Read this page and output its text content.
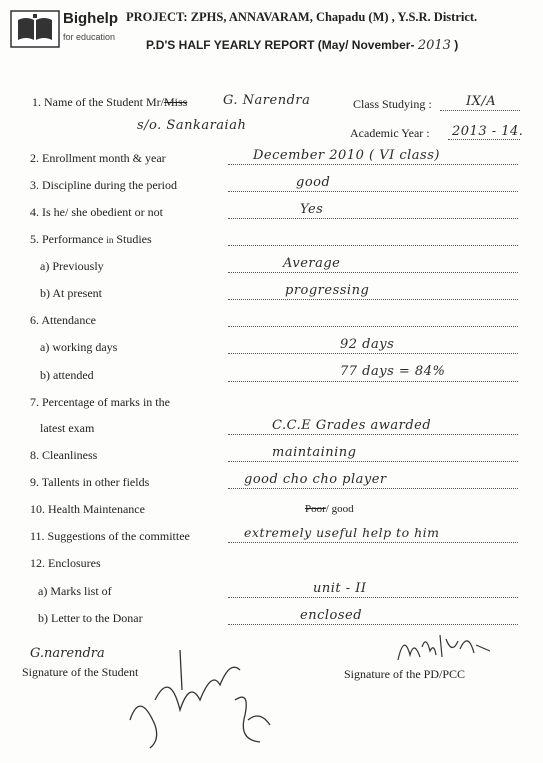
Bighelp
for education
PROJECT: ZPHS, ANNAVARAM, Chapadu (M) , Y.S.R. District.
P.D'S HALF YEARLY REPORT (May/ November- 2013 )
1. Name of the Student Mr/Miss	G. Narendra	Class Studying :	IX/A
s/o. Sankaraiah	Academic Year : 2013 - 14.
2. Enrollment month & year	December 2010 ( VI class)
3. Discipline during the period	good
4. Is he/ she obedient or not	Yes
5. Performance in Studies
a) Previously	Average
b) At present	progressing
6. Attendance
a) working days	92 days
b) attended	77 days = 84%
7. Percentage of marks in the
latest exam	C.C.E Grades awarded
8. Cleanliness	maintaining
9. Tallents in other fields	good cho cho player
10. Health Maintenance	Poor/ good
11. Suggestions of the committee	extremely useful help to him
12. Enclosures
a) Marks list of	unit - II
b) Letter to the Donar	enclosed
G.narendra
Signature of the Student	Signature of the PD/PCC
